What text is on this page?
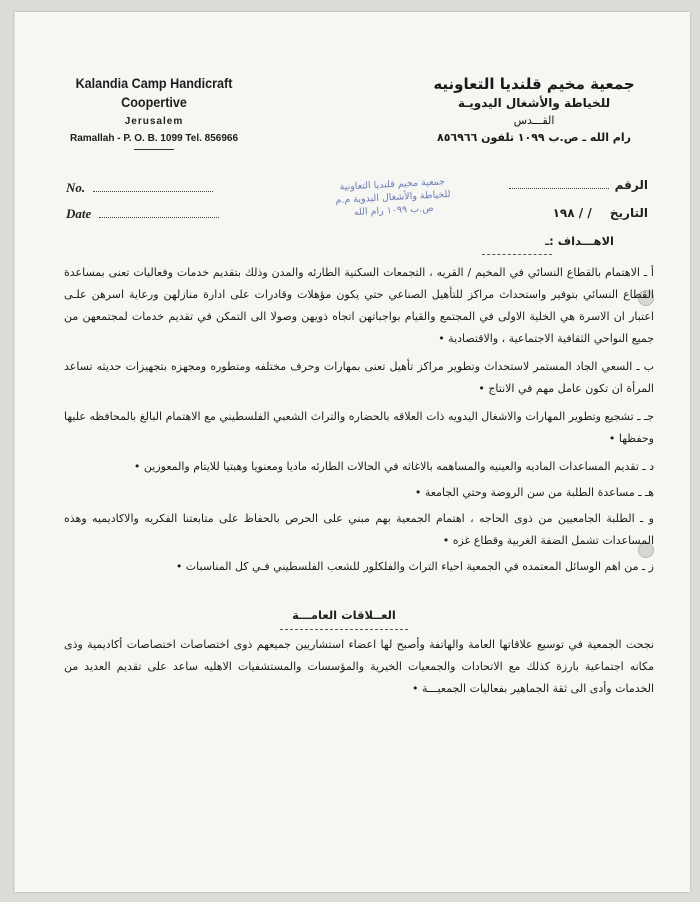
Kalandia Camp Handicraft
Coopertive
Jerusalem
Ramallah - P. O. B. 1099 Tel. 856966
No.
Date
جمعية مخيم قلنديا التعاونيه
للخياطة والأشغال اليدويـة
القـــدس
رام الله ـ ص.ب ١٠٩٩ تلفون ٨٥٦٩٦٦
الرقم
التاريخ / / ١٩٨
جمعية مخيم قلنديا التعاونية
للخياطة والأشغال اليدوية م.م
ص.ب ١٠٩٩ رام الله
الاهـــداف :ـ
أ ـ الاهتمام بالقطاع النسائي في المخيم / القريه ، التجمعات السكنية الطارئه والمدن وذلك بتقديم خدمات وفعاليات تعنى بمساعدة القطاع النسائي بتوفير واستحداث مراكز للتأهيل الصناعي حتي يكون مؤهلات وقادرات على ادارة منازلهن ورعاية اسرهن علـى اعتبار ان الاسرة هي الخلية الاولى في المجتمع والقيام بواجباتهن اتجاه ذويهن وصولا الى التمكن في تقديم خدمات لمجتمعهن من جميع النواحي الثقافية الاجتماعية ، والاقتصادية •
ب ـ السعي الجاد المستمر لاستحداث وتطوير مراكز تأهيل تعنى بمهارات وحرف مختلفه ومتطوره ومجهزه بتجهيزات حديثه تساعد المرأة ان تكون عامل مهم في الانتاج •
جـ ـ تشجيع وتطوير المهارات والاشغال اليدويه ذات العلاقه بالحضاره والتراث الشعبي الفلسطيني مع الاهتمام البالغ بالمحافظه عليها وحفظها •
د ـ تقديم المساعدات الماديه والعينيه والمساهمه بالاغاثه في الحالات الطارئه ماديا ومعنويا وهبتيا للايتام والمعوزين •
هـ ـ مساعدة الطلبة من سن الروضة وحتي الجامعة •
و ـ الطلبة الجامعيين من ذوى الحاجه ، اهتمام الجمعية بهم مبني على الحرص بالحفاظ على متابعتنا الفكريه والاكاديميه وهذه المساعدات تشمل الضفة الغربية وقطاع غزه •
ز ـ من اهم الوسائل المعتمده في الجمعية احياء التراث والفلكلور للشعب الفلسطيني فـي كل المناسبات •
العــلاقات العامـــة
نجحت الجمعية في توسيع علاقاتها العامة والهاتفة وأصبح لها اعضاء استشاريين جميعهم ذوى اختصاصات اختصاصات أكاديمية وذى مكانه اجتماعية بارزة كذلك مع الاتحادات والجمعيات الخيرية والمؤسسات والمستشفيات الاهليه ساعد على تقديم العديد من الخدمات وأدى الى ثقة الجماهير بفعاليات الجمعيـــة •
